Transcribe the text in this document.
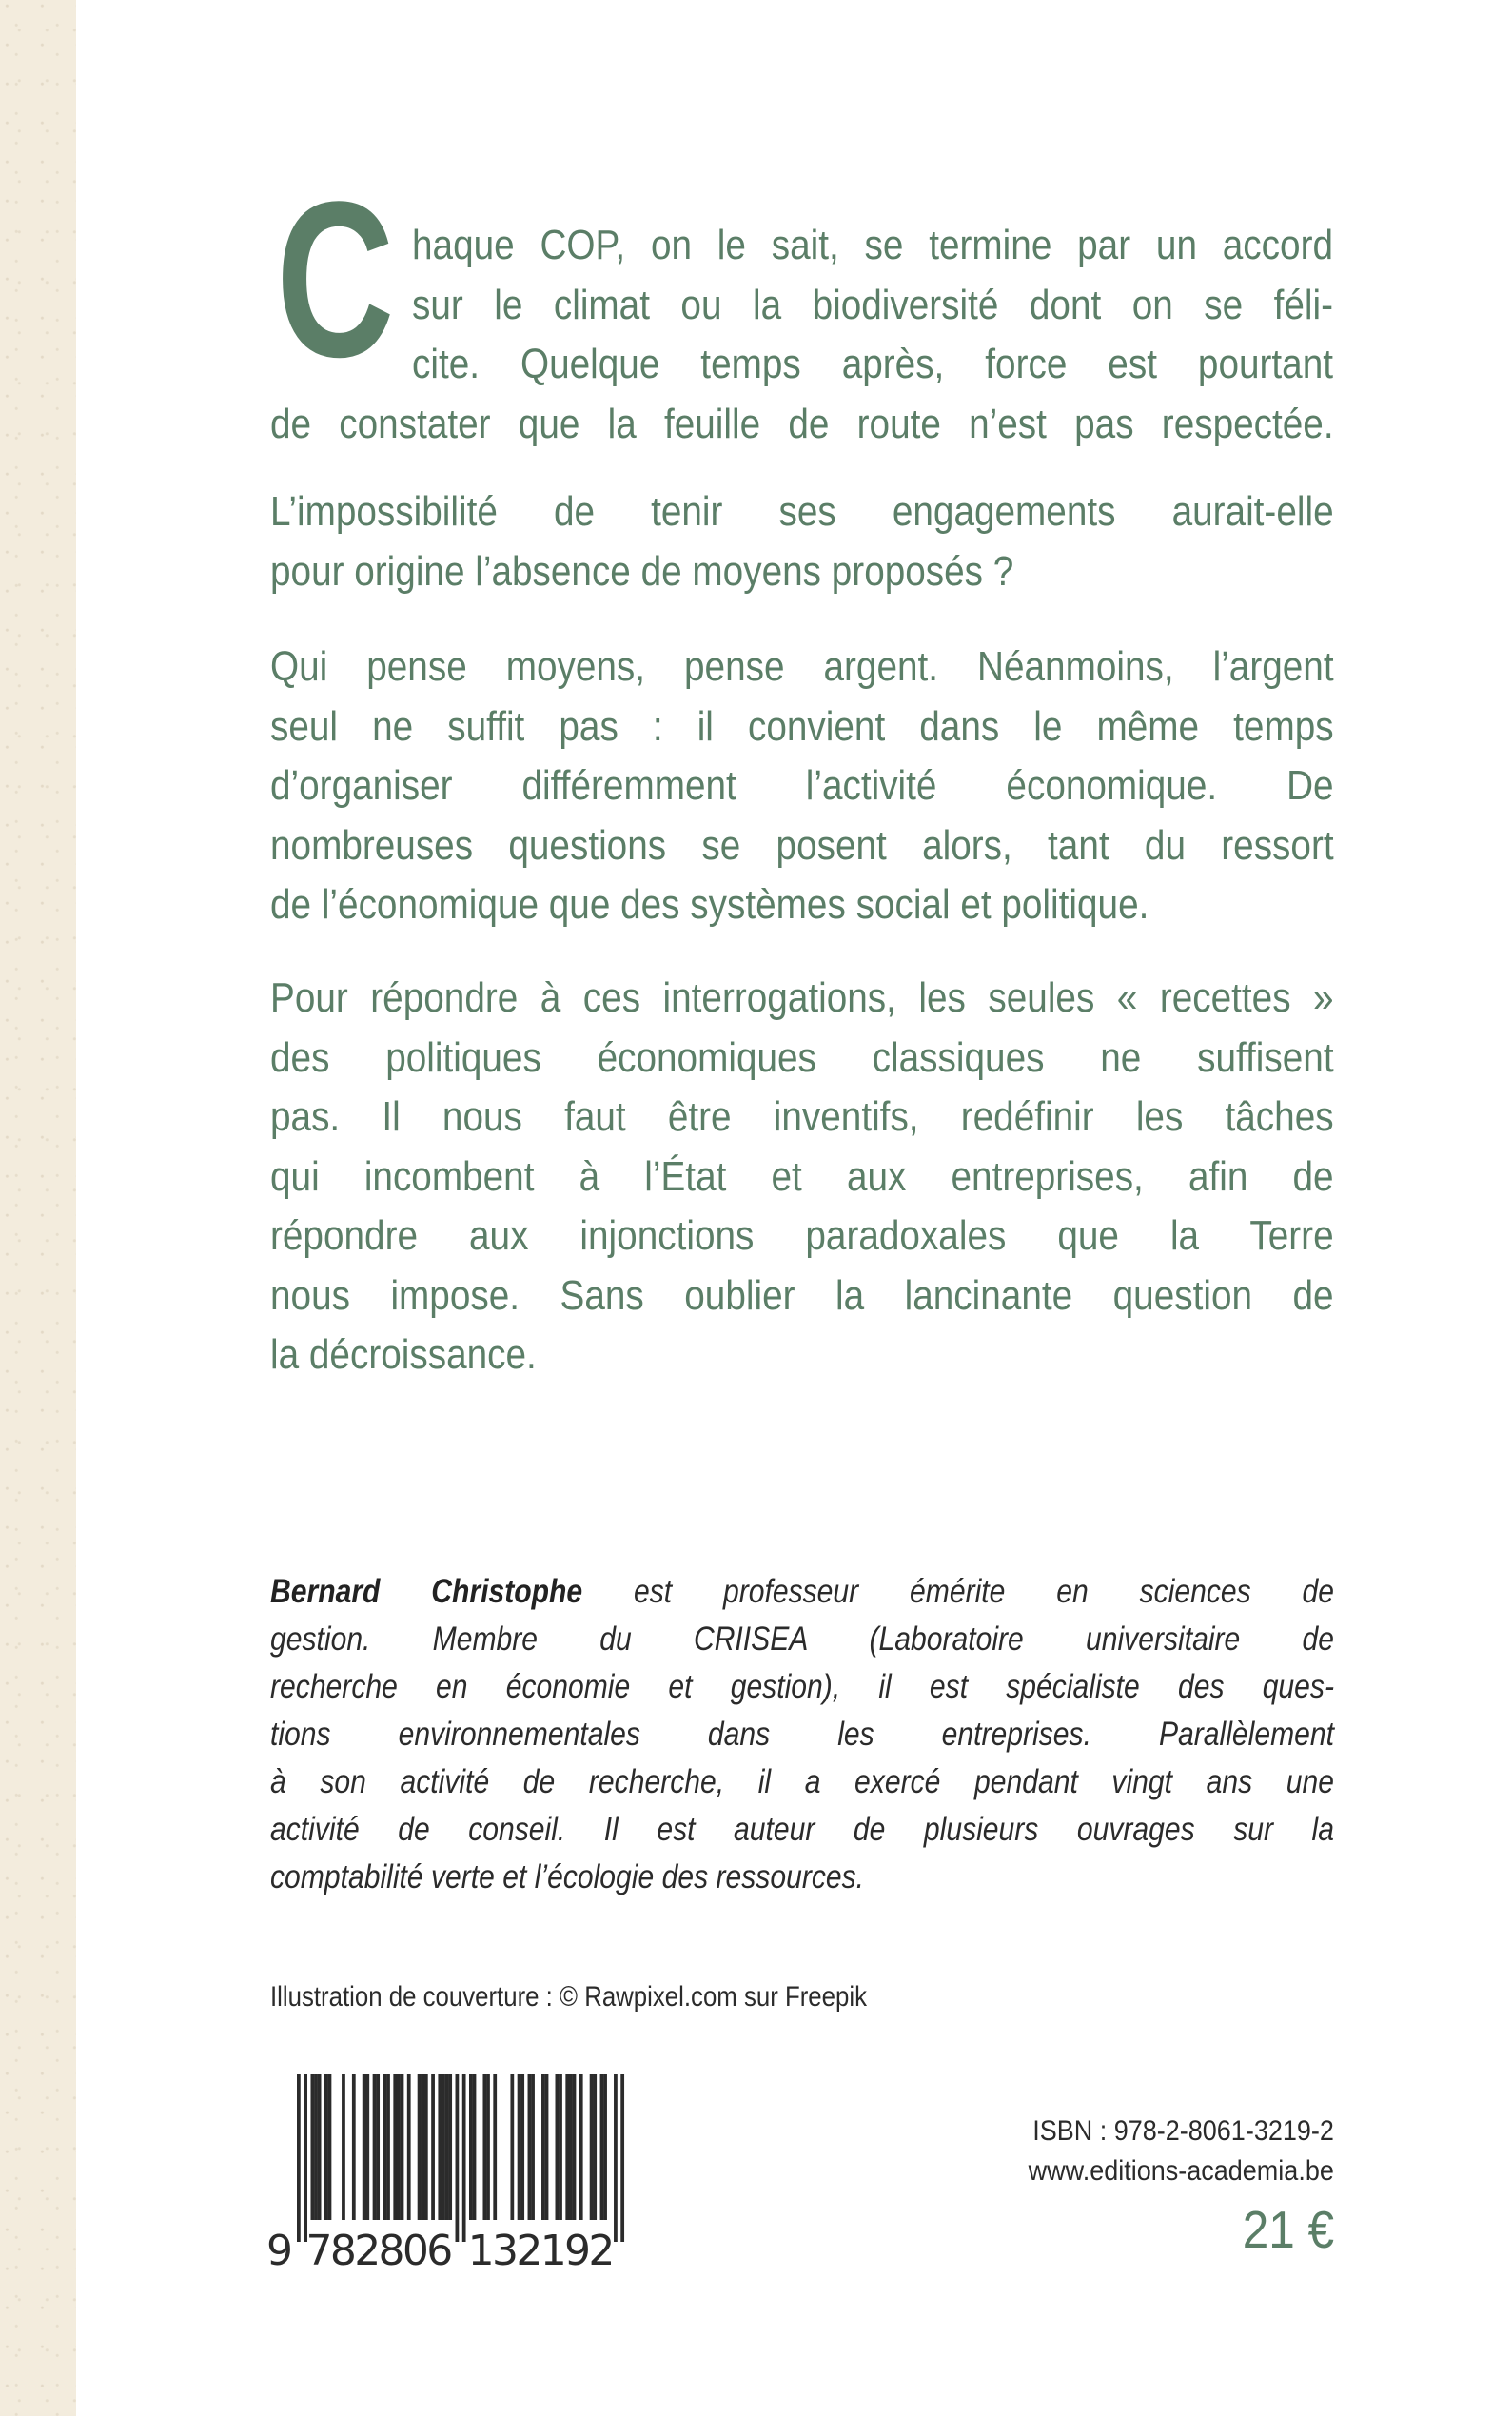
C haque COP, on le sait, se termine par un accord
sur le climat ou la biodiversité dont on se féli-
cite. Quelque temps après, force est pourtant
de constater que la feuille de route n’est pas respectée.
L’impossibilité de tenir ses engagements aurait-elle
pour origine l’absence de moyens proposés ?
Qui pense moyens, pense argent. Néanmoins, l’argent
seul ne suffit pas : il convient dans le même temps
d’organiser différemment l’activité économique. De
nombreuses questions se posent alors, tant du ressort
de l’économique que des systèmes social et politique.
Pour répondre à ces interrogations, les seules « recettes »
des politiques économiques classiques ne suffisent
pas. Il nous faut être inventifs, redéfinir les tâches
qui incombent à l’État et aux entreprises, afin de
répondre aux injonctions paradoxales que la Terre
nous impose. Sans oublier la lancinante question de
la décroissance.
Bernard Christophe est professeur émérite en sciences de
gestion. Membre du CRIISEA (Laboratoire universitaire de
recherche en économie et gestion), il est spécialiste des ques-
tions environnementales dans les entreprises. Parallèlement
à son activité de recherche, il a exercé pendant vingt ans une
activité de conseil. Il est auteur de plusieurs ouvrages sur la
comptabilité verte et l’écologie des ressources.
Illustration de couverture : © Rawpixel.com sur Freepik
9 7
8
2
8
0
6 1
3
2
1
9
2
ISBN : 978-2-8061-3219-2
www.editions-academia.be
21 €
